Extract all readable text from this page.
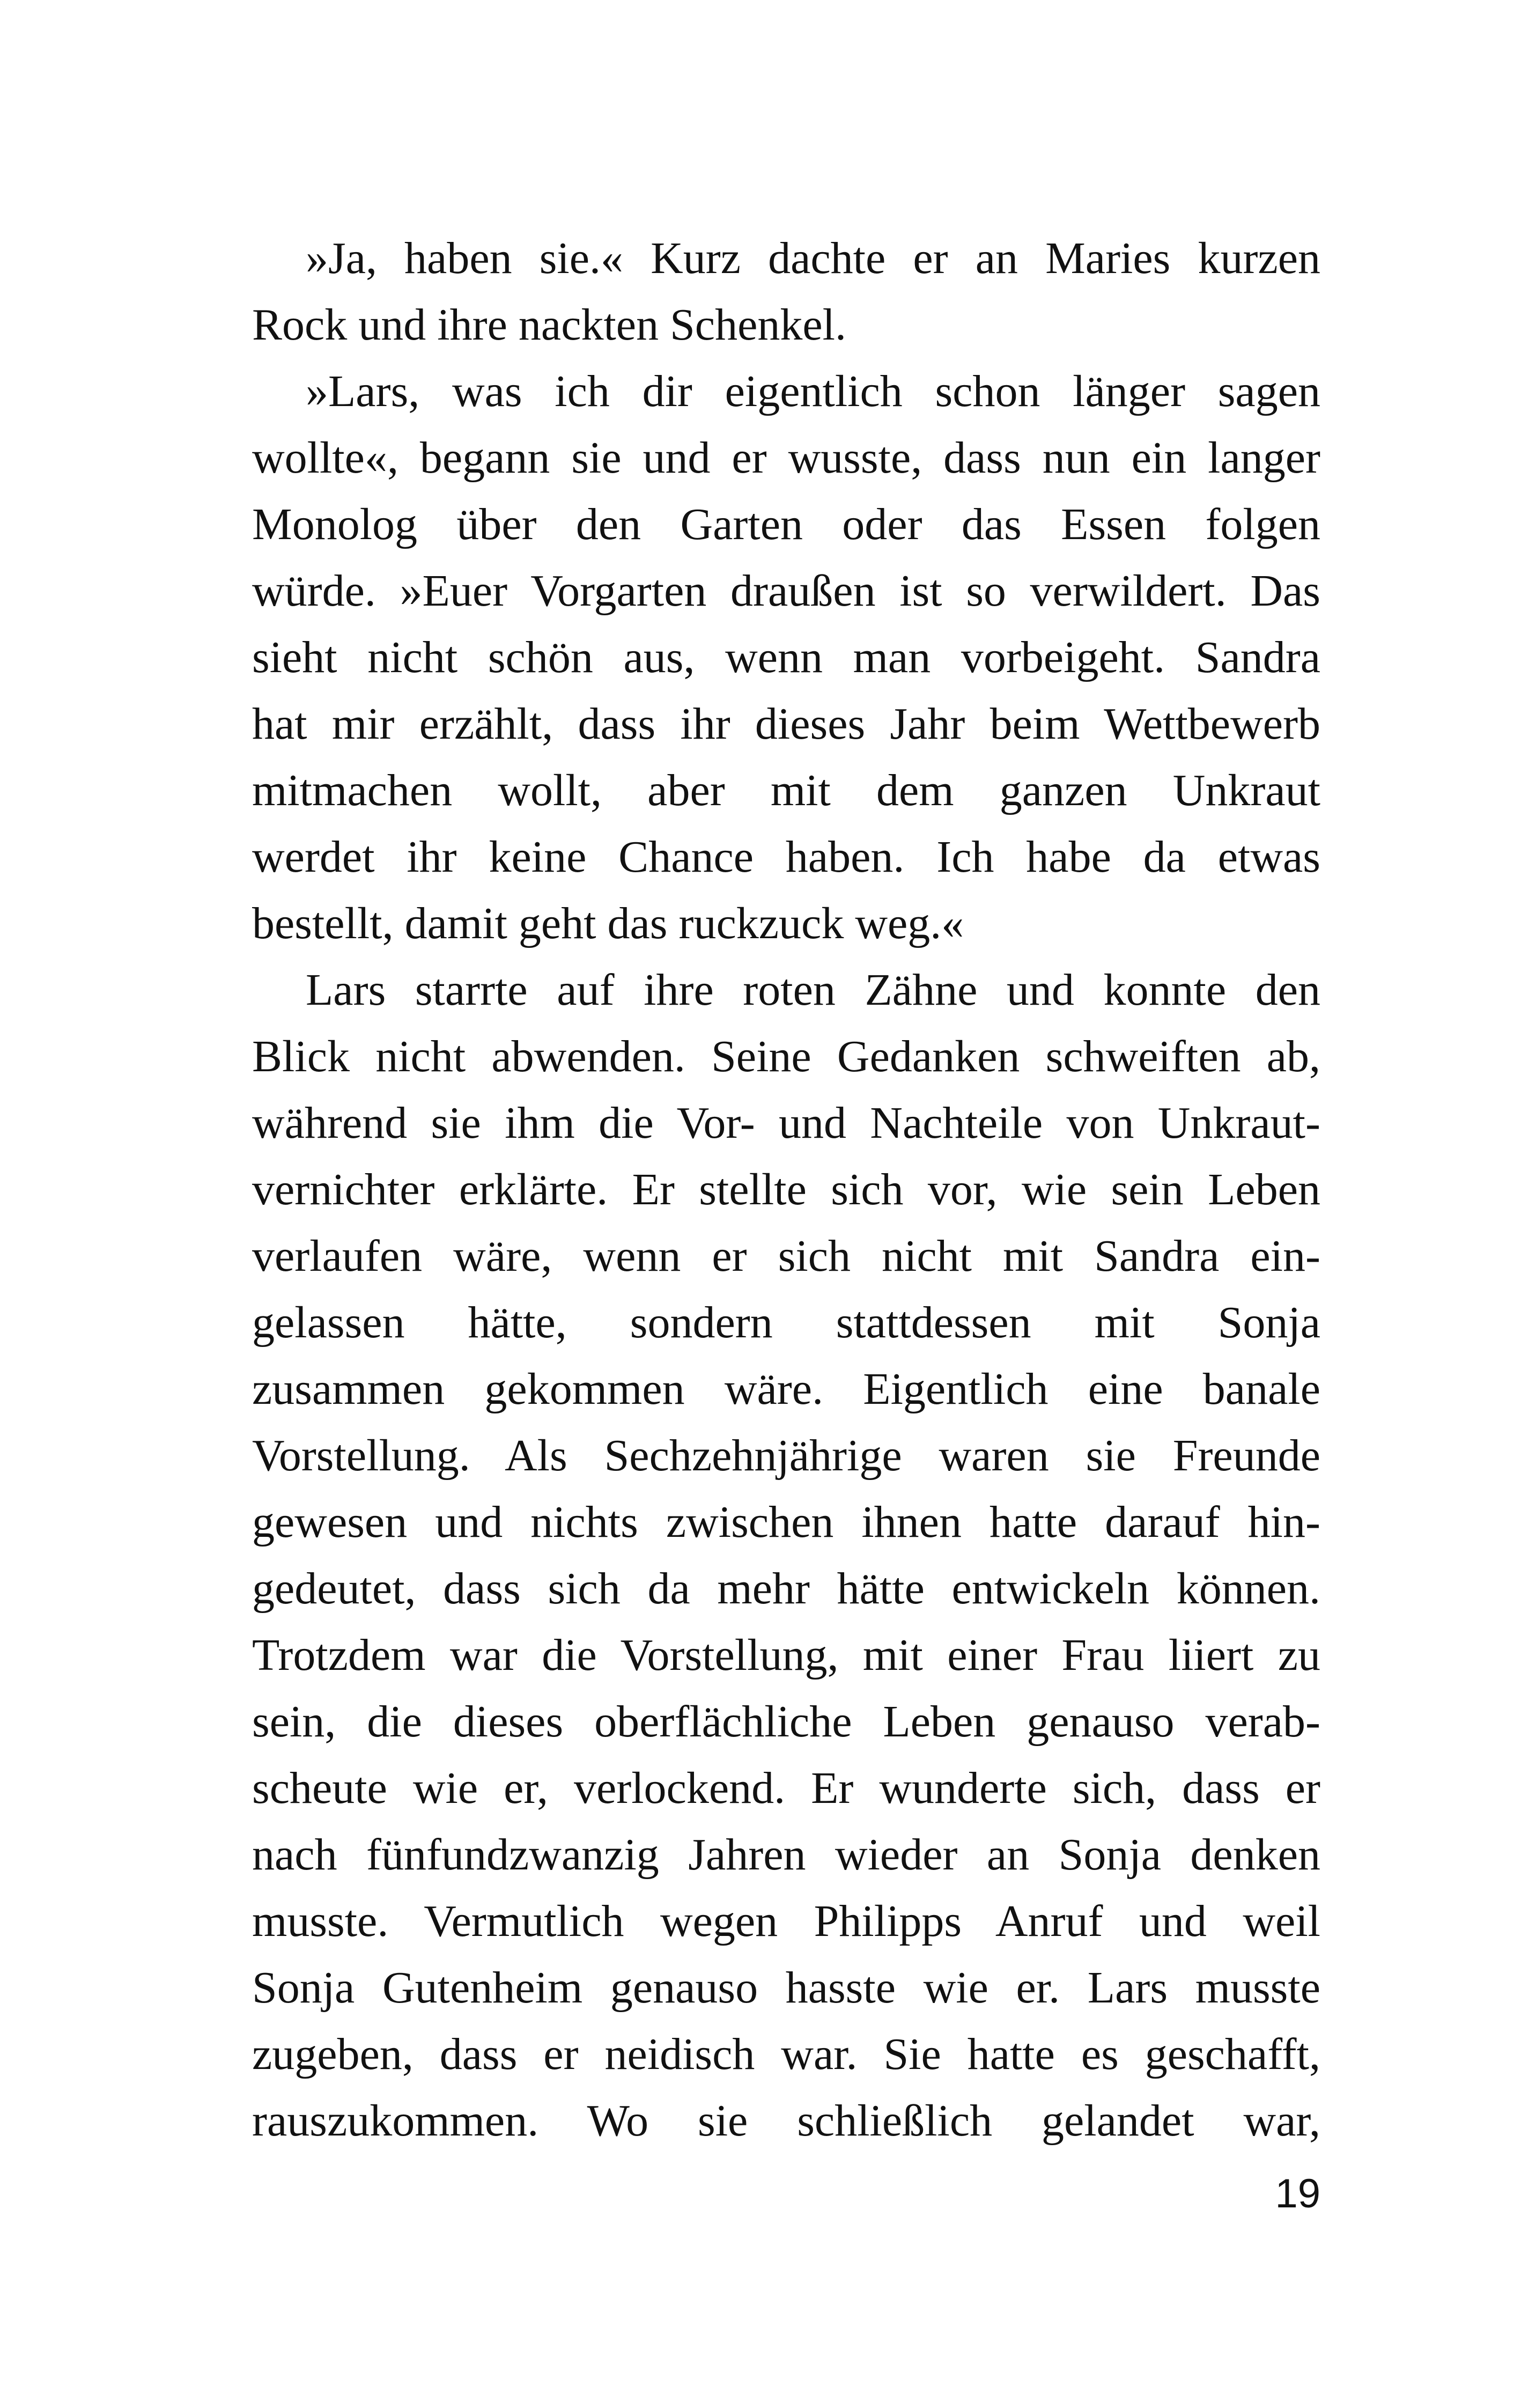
»Ja, haben sie.« Kurz dachte er an Maries kurzen
Rock und ihre nackten Schenkel.
»Lars, was ich dir eigentlich schon länger sagen
wollte«, begann sie und er wusste, dass nun ein langer
Monolog über den Garten oder das Essen folgen
würde. »Euer Vorgarten draußen ist so verwildert. Das
sieht nicht schön aus, wenn man vorbeigeht. Sandra
hat mir erzählt, dass ihr dieses Jahr beim Wettbewerb
mitmachen wollt, aber mit dem ganzen Unkraut
werdet ihr keine Chance haben. Ich habe da etwas
bestellt, damit geht das ruckzuck weg.«
Lars starrte auf ihre roten Zähne und konnte den
Blick nicht abwenden. Seine Gedanken schweiften ab,
während sie ihm die Vor- und Nachteile von Unkraut-
vernichter erklärte. Er stellte sich vor, wie sein Leben
verlaufen wäre, wenn er sich nicht mit Sandra ein-
gelassen hätte, sondern stattdessen mit Sonja
zusammen gekommen wäre. Eigentlich eine banale
Vorstellung. Als Sechzehnjährige waren sie Freunde
gewesen und nichts zwischen ihnen hatte darauf hin-
gedeutet, dass sich da mehr hätte entwickeln können.
Trotzdem war die Vorstellung, mit einer Frau liiert zu
sein, die dieses oberflächliche Leben genauso verab-
scheute wie er, verlockend. Er wunderte sich, dass er
nach fünfundzwanzig Jahren wieder an Sonja denken
musste. Vermutlich wegen Philipps Anruf und weil
Sonja Gutenheim genauso hasste wie er. Lars musste
zugeben, dass er neidisch war. Sie hatte es geschafft,
rauszukommen. Wo sie schließlich gelandet war,
19
